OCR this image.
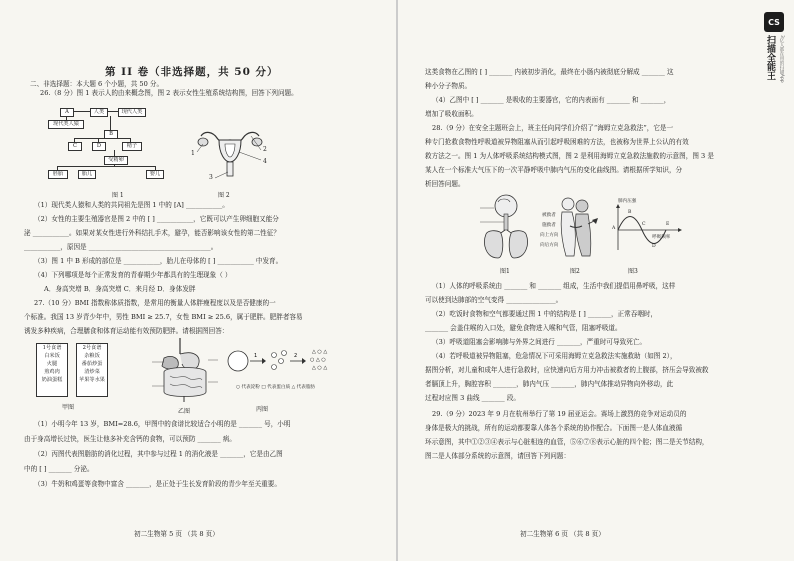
第 II 卷（非选择题，共 50 分）
二、非选择题：本大题 6 个小题，共 50 分。
26.（8 分）图 1 表示人的由来概念图，图 2 表示女性生殖系统结构图，回答下列问题。
A	人类	现代人类
现代类人猿
B
C	D	精子
受精卵
胚胎	胎儿	婴儿
图 1
1
2
4
3
图 2
（1）现代类人猿和人类的共同祖先是图 1 中的 [A] ___________。
（2）女性的主要生殖器官是图 2 中的 [ ] ___________，它既可以产生卵细胞又能分
泌 ___________。如果对某女性进行外科结扎手术，避孕，能否影响该女性的第二性征？
___________，原因是 _____________________________________。
（3）图 1 中 B 形成的部位是 ___________，胎儿在母体的 [ ] ___________ 中发育。
（4）下列哪项是每个正常发育的青春期少年都具有的生理现象（ ）
A．身高突增 B．身高突增 C．来月经 D．身体发胖
27.（10 分）BMI 指数称体质指数，是常用的衡量人体胖瘦程度以及是否健康的一
个标准。我国 13 岁青少年中，男性 BMI ≥ 25.7，女性 BMI ≥ 25.6，属于肥胖。肥胖者容易
诱发多种疾病，合理膳食和体育运动能有效预防肥胖。请根据图回答：
1号食谱
白米饭
火腿
煎鸡肉
奶油蛋糕
2号食谱
杂粮饭
番茄炒蛋
清炒菜
苹果等水果
甲图
乙图
△ ○ △
○ △ ○
△ ○ △
1	2
○ 代表淀粉 □ 代表蛋白质 △ 代表脂肪
丙图
（1）小明今年 13 岁，BMI=28.6，甲图中的食谱比较适合小明的是 _______ 号，小明
由于身高增长过快，医生让他多补充含钙的食物，可以预防 _______ 病。
（2）丙图代表图脂肪的消化过程，其中参与过程 1 的消化液是 _______，它是由乙图
中的 [ ] _______ 分泌。
（3）牛奶和鸡蛋等食物中富含 _______，是正处于生长发育阶段的青少年至关重要。
初二生物第 5 页 （共 8 页）
这类食物在乙图的 [ ] _______ 内被初步消化，最终在小肠内被彻底分解成 _______ 这
种小分子物质。
（4）乙图中 [ ] _______ 是吸收的主要器官，它的内表面有 _______ 和 _______，
增加了吸收面积。
28.（9 分）在安全主题班会上，班主任向同学们介绍了“海姆立克急救法”，它是一
种专门抢救食物性呼吸道被异物阻塞从而引起呼吸困难的方法，也被称为世界上公认的有效
救方法之一。图 1 为人体呼吸系统结构模式图，图 2 是利用海姆立克急救法施救的示意图，图 3 是
某人在一个标准大气压下的一次平静呼吸中肺内气压的变化曲线图。请根据所学知识，分
析回答问题。
图1
被救者
施救者
向上方向
向后方向
图2
肺内压强
呼吸频率
A
B
C
D
E
图3
（1）人体的呼吸系统由 _______ 和 _______ 组成，生活中我们提倡用鼻呼吸，这样
可以使到达肺部的空气变得 _______________。
（2）吃饭时食物和空气都要通过图 1 中的结构是 [ ] _______，正常吞咽时，
_______ 会盖住喉的入口处，避免食物进入喉和气管，阻塞呼吸道。
（3）呼吸道阻塞会影响肺与外界之间进行 _______，严重时可导致死亡。
（4）若呼吸道被异物阻塞，危急情况下可采用海姆立克急救法实施救助（如图 2），
据图分析，对儿童和成年人进行急救时，应快速向后方用力冲击被救者的上腹部，挤压会导致被救
者膈顶上升，胸腔容积 _______，肺内气压 _______，肺内气体推动异物向外移动，此
过程对应图 3 曲线 _______ 段。
29.（9 分）2023 年 9 月在杭州举行了第 19 届亚运会。赛场上激烈的竞争对运动员的
身体是极大的挑战，所有的运动都要靠人体各个系统的协作配合。下面图一是人体血液循
环示意图，其中①②③④表示与心脏相连的血管，⑤⑥⑦⑧表示心脏的四个腔；图二是关节结构，
图二是人体部分系统的示意图，请回答下列问题：
初二生物第 6 页 （共 8 页）
CS
扫描全能王 3亿人都在用的扫描App
